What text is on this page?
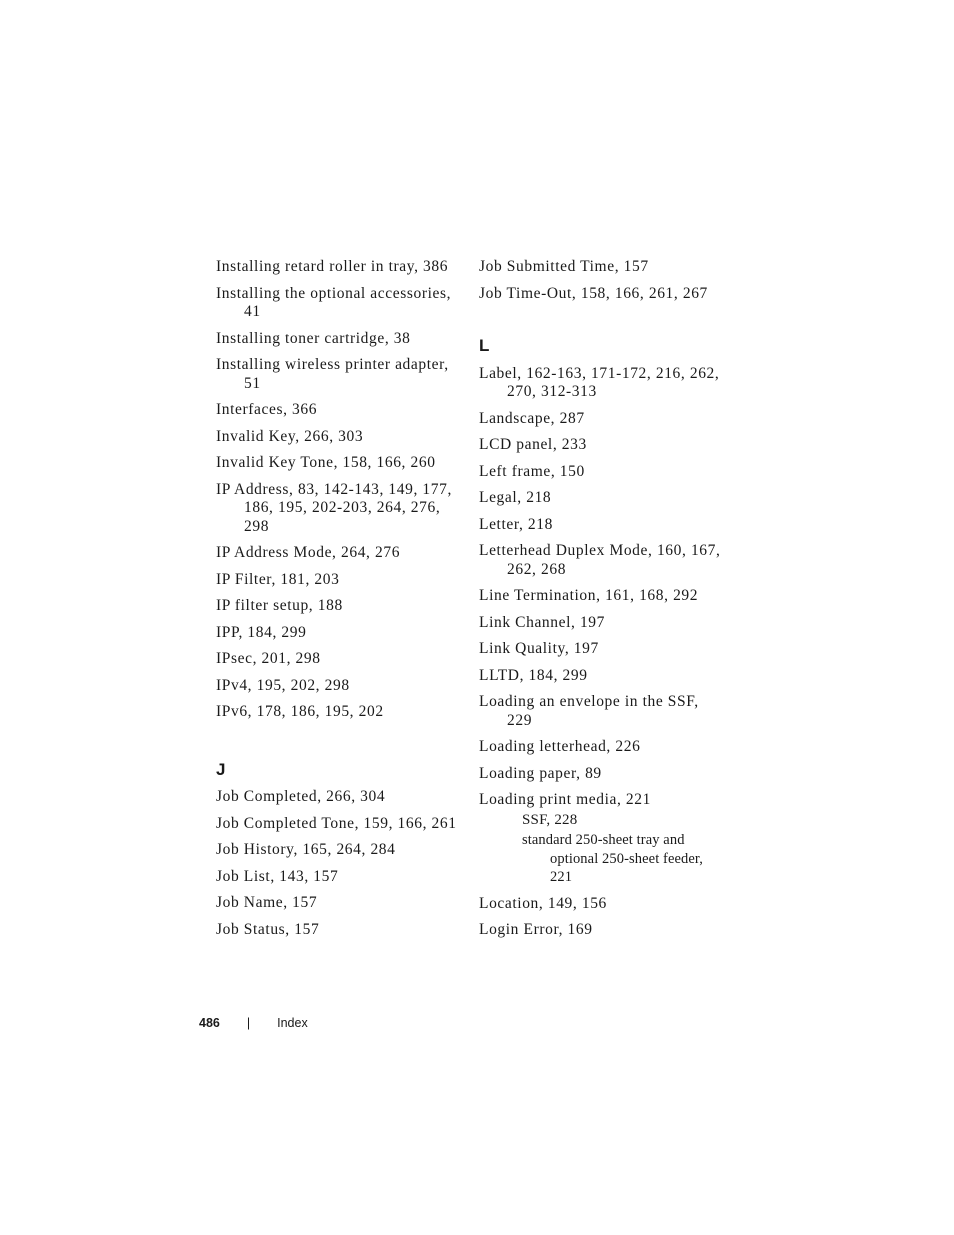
Installing retard roller in tray, 386
Installing the optional accessories, 41
Installing toner cartridge, 38
Installing wireless printer adapter, 51
Interfaces, 366
Invalid Key, 266, 303
Invalid Key Tone, 158, 166, 260
IP Address, 83, 142-143, 149, 177, 186, 195, 202-203, 264, 276, 298
IP Address Mode, 264, 276
IP Filter, 181, 203
IP filter setup, 188
IPP, 184, 299
IPsec, 201, 298
IPv4, 195, 202, 298
IPv6, 178, 186, 195, 202
J
Job Completed, 266, 304
Job Completed Tone, 159, 166, 261
Job History, 165, 264, 284
Job List, 143, 157
Job Name, 157
Job Status, 157
Job Submitted Time, 157
Job Time-Out, 158, 166, 261, 267
L
Label, 162-163, 171-172, 216, 262, 270, 312-313
Landscape, 287
LCD panel, 233
Left frame, 150
Legal, 218
Letter, 218
Letterhead Duplex Mode, 160, 167, 262, 268
Line Termination, 161, 168, 292
Link Channel, 197
Link Quality, 197
LLTD, 184, 299
Loading an envelope in the SSF, 229
Loading letterhead, 226
Loading paper, 89
Loading print media, 221
SSF, 228
standard 250-sheet tray and optional 250-sheet feeder, 221
Location, 149, 156
Login Error, 169
486 | Index
